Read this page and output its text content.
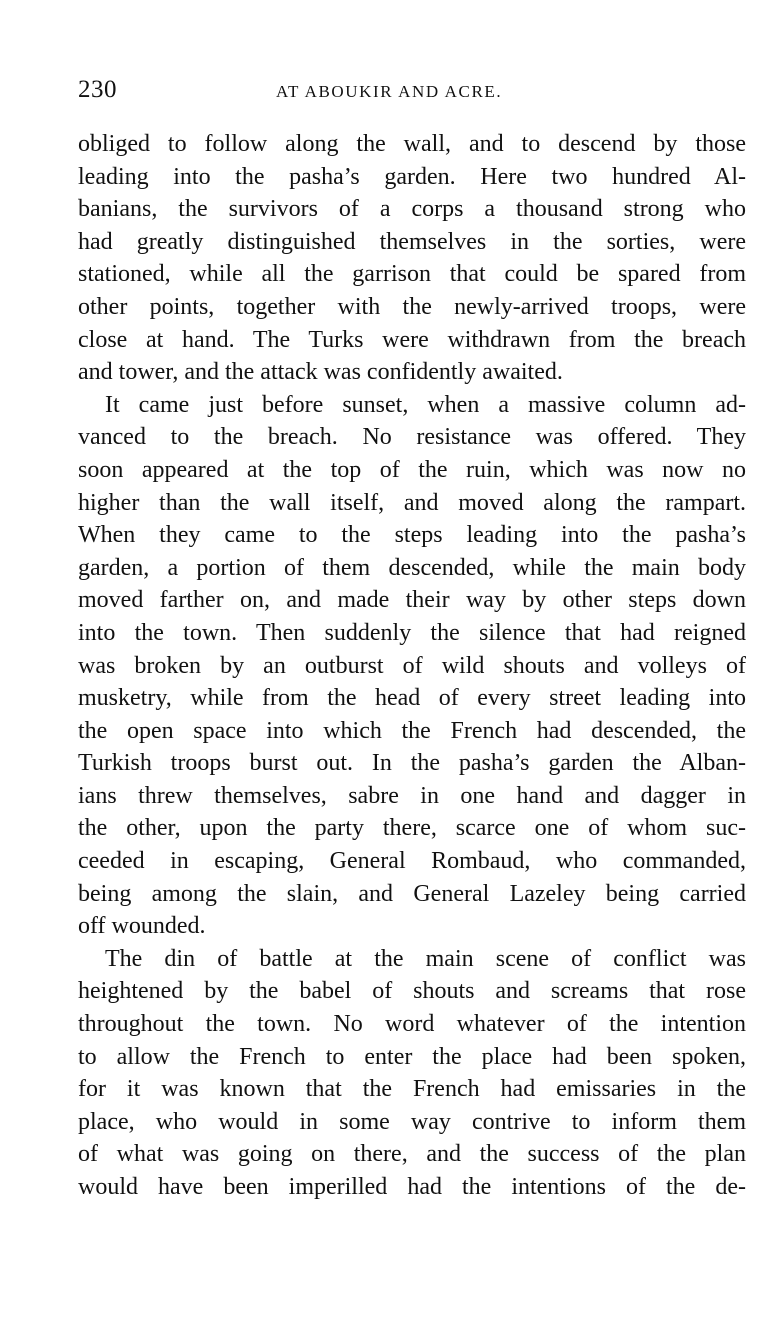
230	AT ABOUKIR AND ACRE.
obliged to follow along the wall, and to descend by those
leading into the pasha’s garden. Here two hundred Al-
banians, the survivors of a corps a thousand strong who
had greatly distinguished themselves in the sorties, were
stationed, while all the garrison that could be spared from
other points, together with the newly-arrived troops, were
close at hand. The Turks were withdrawn from the breach
and tower, and the attack was confidently awaited.
It came just before sunset, when a massive column ad-
vanced to the breach. No resistance was offered. They
soon appeared at the top of the ruin, which was now no
higher than the wall itself, and moved along the rampart.
When they came to the steps leading into the pasha’s
garden, a portion of them descended, while the main body
moved farther on, and made their way by other steps down
into the town. Then suddenly the silence that had reigned
was broken by an outburst of wild shouts and volleys of
musketry, while from the head of every street leading into
the open space into which the French had descended, the
Turkish troops burst out. In the pasha’s garden the Alban-
ians threw themselves, sabre in one hand and dagger in
the other, upon the party there, scarce one of whom suc-
ceeded in escaping, General Rombaud, who commanded,
being among the slain, and General Lazeley being carried
off wounded.
The din of battle at the main scene of conflict was
heightened by the babel of shouts and screams that rose
throughout the town. No word whatever of the intention
to allow the French to enter the place had been spoken,
for it was known that the French had emissaries in the
place, who would in some way contrive to inform them
of what was going on there, and the success of the plan
would have been imperilled had the intentions of the de-
